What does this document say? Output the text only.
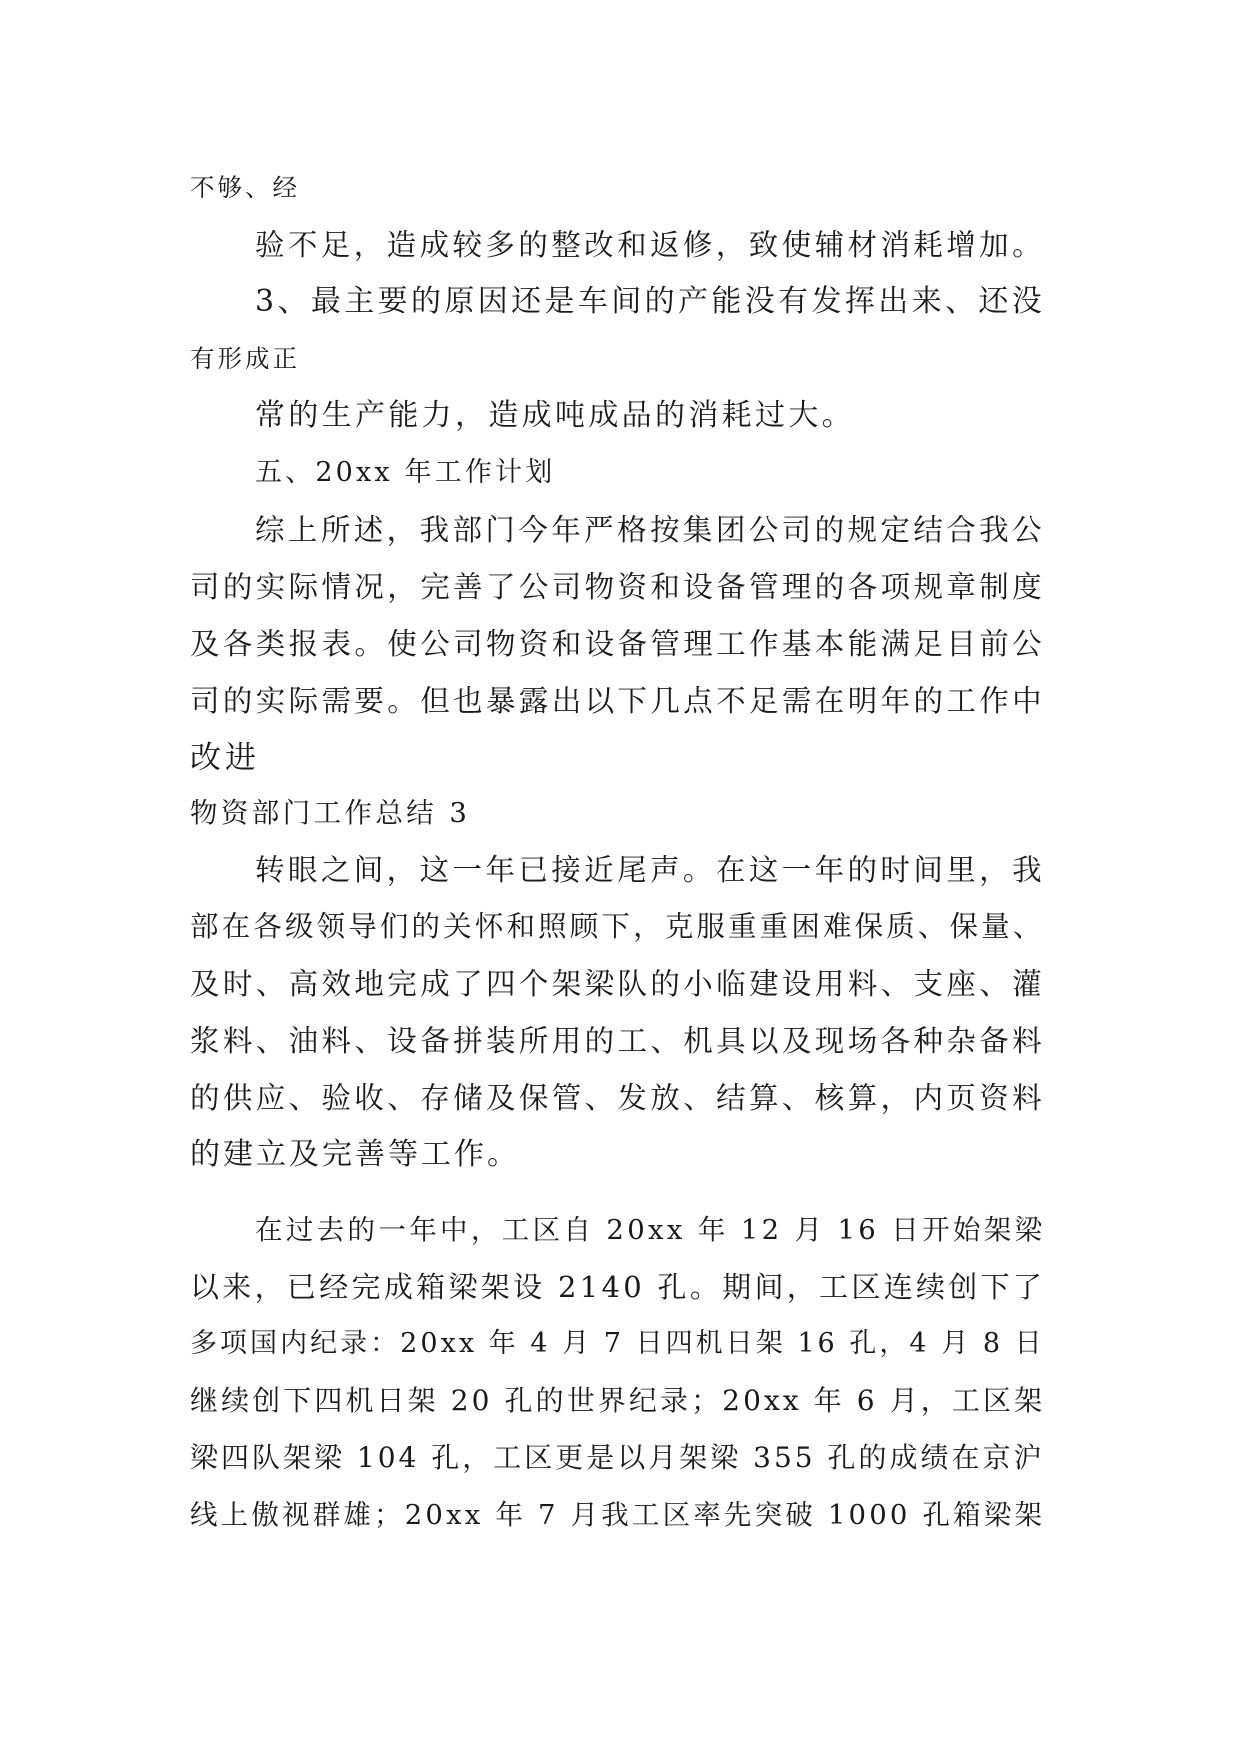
不够、经
验不足，造成较多的整改和返修，致使辅材消耗增加。
3、最主要的原因还是车间的产能没有发挥出来、还没
有形成正
常的生产能力，造成吨成品的消耗过大。
五、20xx 年工作计划
综上所述，我部门今年严格按集团公司的规定结合我公
司的实际情况，完善了公司物资和设备管理的各项规章制度
及各类报表。使公司物资和设备管理工作基本能满足目前公
司的实际需要。但也暴露出以下几点不足需在明年的工作中
改进
物资部门工作总结 3
转眼之间，这一年已接近尾声。在这一年的时间里，我
部在各级领导们的关怀和照顾下，克服重重困难保质、保量、
及时、高效地完成了四个架梁队的小临建设用料、支座、灌
浆料、油料、设备拼装所用的工、机具以及现场各种杂备料
的供应、验收、存储及保管、发放、结算、核算，内页资料
的建立及完善等工作。
在过去的一年中，工区自 20xx 年 12 月 16 日开始架梁
以来，已经完成箱梁架设 2140 孔。期间，工区连续创下了
多项国内纪录：20xx 年 4 月 7 日四机日架 16 孔，4 月 8 日
继续创下四机日架 20 孔的世界纪录；20xx 年 6 月，工区架
梁四队架梁 104 孔，工区更是以月架梁 355 孔的成绩在京沪
线上傲视群雄；20xx 年 7 月我工区率先突破 1000 孔箱梁架
